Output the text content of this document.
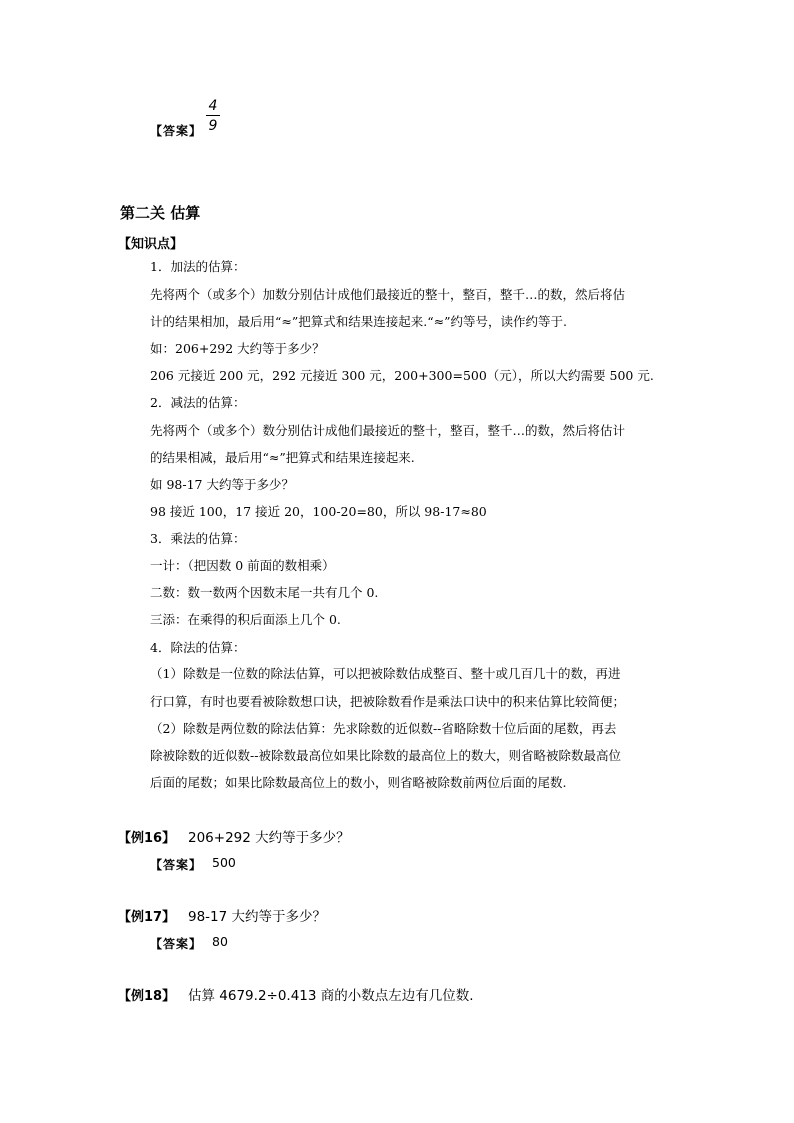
【答案】
4
9
第二关 估算
【知识点】
1．加法的估算：
先将两个（或多个）加数分别估计成他们最接近的整十，整百，整千…的数，然后将估
计的结果相加，最后用“≈”把算式和结果连接起来.“≈”约等号，读作约等于.
如：206+292 大约等于多少？
206 元接近 200 元，292 元接近 300 元，200+300=500（元），所以大约需要 500 元.
2．减法的估算：
先将两个（或多个）数分别估计成他们最接近的整十，整百，整千…的数，然后将估计
的结果相减，最后用“≈”把算式和结果连接起来.
如 98-17 大约等于多少？
98 接近 100，17 接近 20，100-20=80，所以 98-17≈80
3．乘法的估算：
一计：（把因数 0 前面的数相乘）
二数：数一数两个因数末尾一共有几个 0.
三添：在乘得的积后面添上几个 0.
4．除法的估算：
（1）除数是一位数的除法估算，可以把被除数估成整百、整十或几百几十的数，再进
行口算，有时也要看被除数想口诀，把被除数看作是乘法口诀中的积来估算比较简便；
（2）除数是两位数的除法估算：先求除数的近似数--省略除数十位后面的尾数，再去
除被除数的近似数--被除数最高位如果比除数的最高位上的数大，则省略被除数最高位
后面的尾数；如果比除数最高位上的数小，则省略被除数前两位后面的尾数.
【例16】 206+292 大约等于多少？
【答案】 500
【例17】 98-17 大约等于多少？
【答案】 80
【例18】 估算 4679.2÷0.413 商的小数点左边有几位数.
